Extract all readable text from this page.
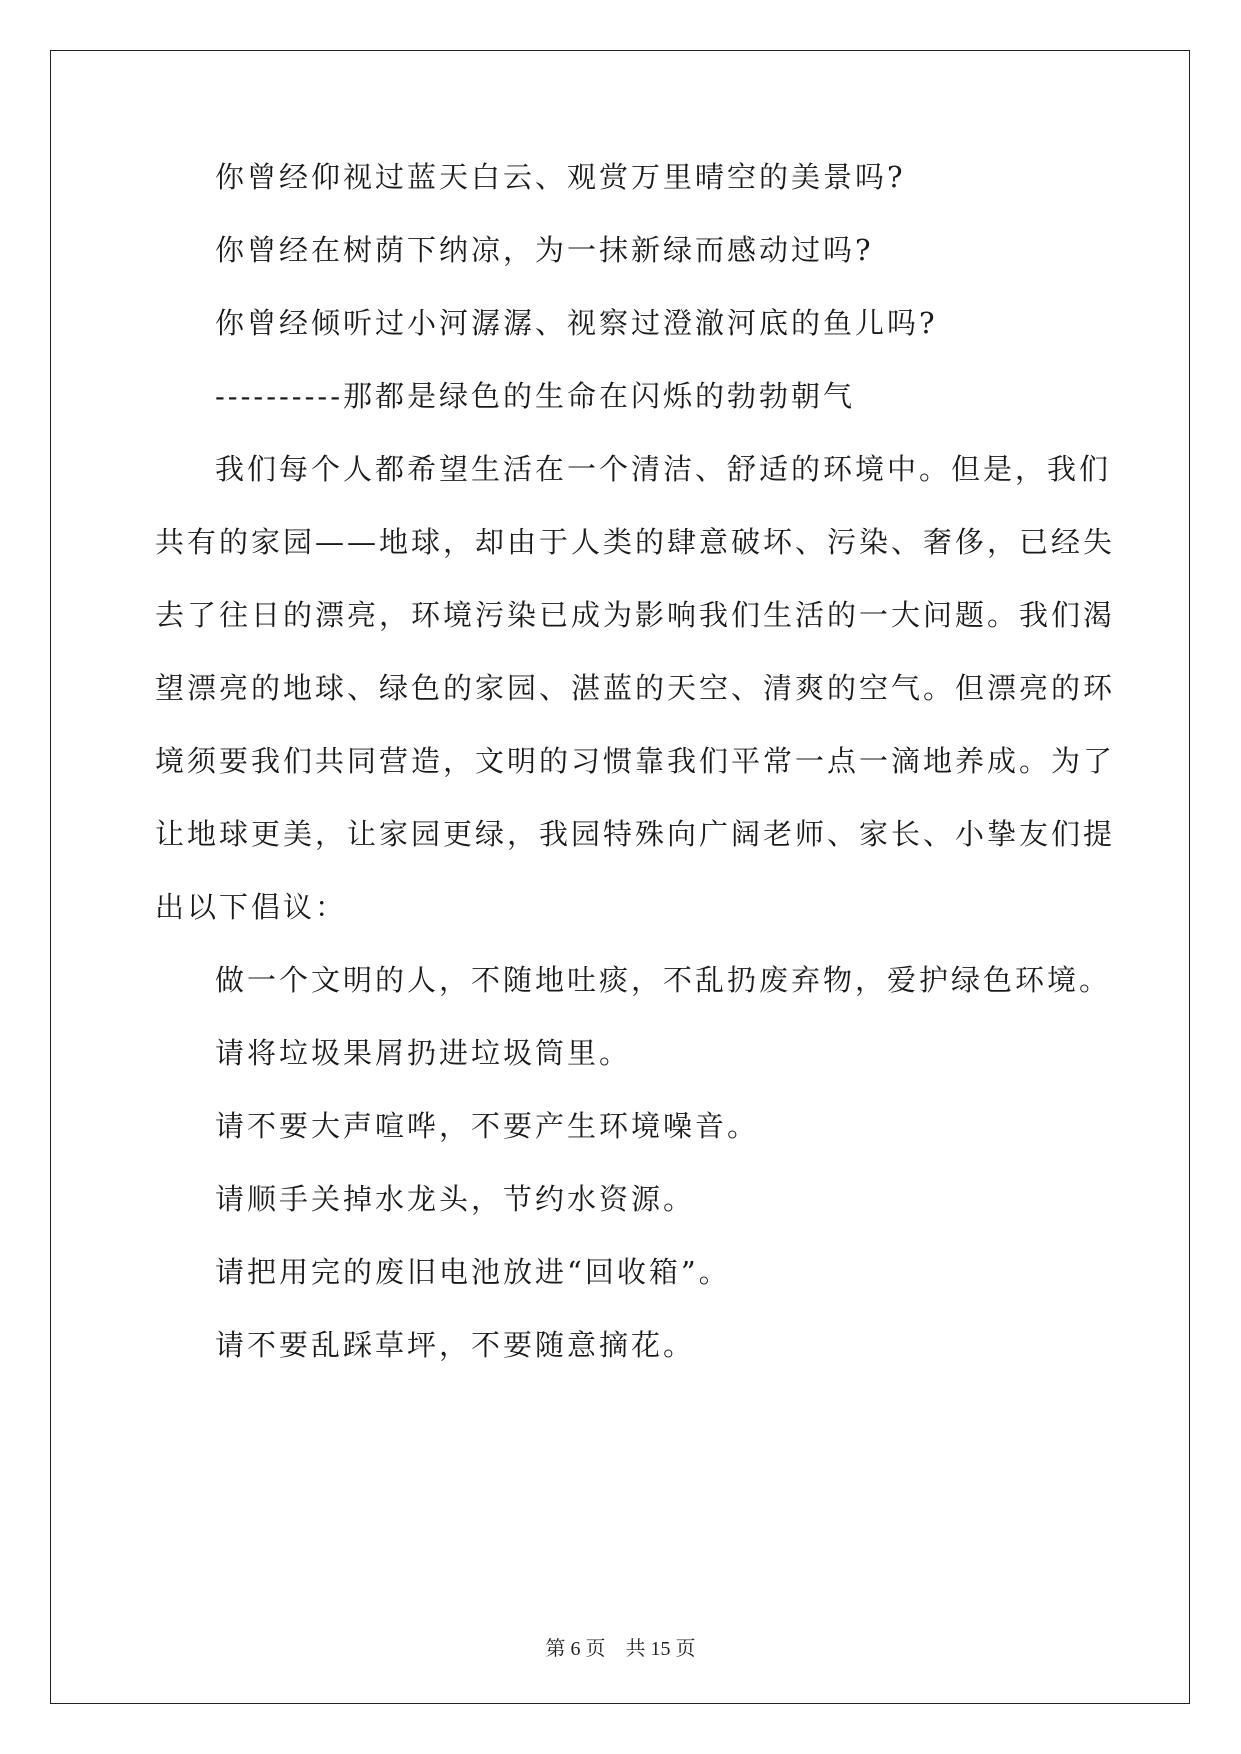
你曾经仰视过蓝天白云、观赏万里晴空的美景吗?
你曾经在树荫下纳凉，为一抹新绿而感动过吗?
你曾经倾听过小河潺潺、视察过澄澈河底的鱼儿吗?
----------那都是绿色的生命在闪烁的勃勃朝气
我们每个人都希望生活在一个清洁、舒适的环境中。但是，我们
共有的家园——地球，却由于人类的肆意破坏、污染、奢侈，已经失
去了往日的漂亮，环境污染已成为影响我们生活的一大问题。我们渴
望漂亮的地球、绿色的家园、湛蓝的天空、清爽的空气。但漂亮的环
境须要我们共同营造，文明的习惯靠我们平常一点一滴地养成。为了
让地球更美，让家园更绿，我园特殊向广阔老师、家长、小挚友们提
出以下倡议：
做一个文明的人，不随地吐痰，不乱扔废弃物，爱护绿色环境。
请将垃圾果屑扔进垃圾筒里。
请不要大声喧哗，不要产生环境噪音。
请顺手关掉水龙头，节约水资源。
请把用完的废旧电池放进“回收箱”。
请不要乱踩草坪，不要随意摘花。
第 6 页　共 15 页
